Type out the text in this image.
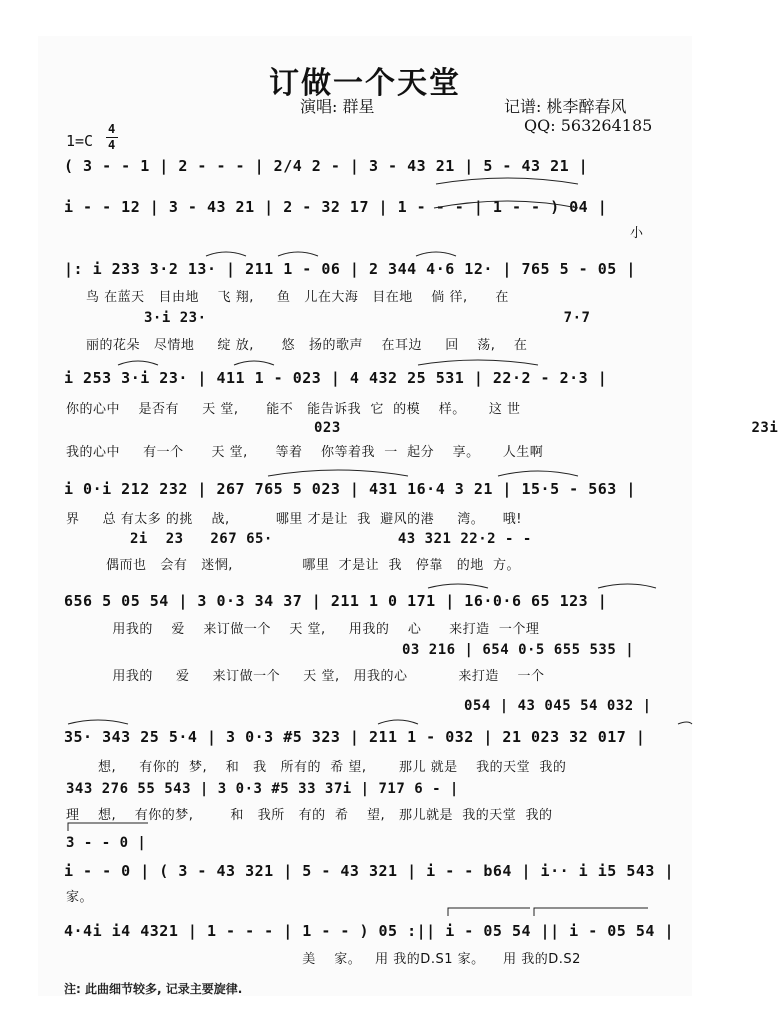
订做一个天堂
演唱: 群星	记谱: 桃李醉春风
QQ: 563264185
1=C
4
4
( 3 - - 1 | 2 - - - | 2/4 2 - | 3 - 43 21 | 5 - 43 21 |
i - - 12 | 3 - 43 21 | 2 - 32 17 | 1 - - - | 1 - - ) 04 |
小
|: i 233 3·2 13· | 211 1 - 06 | 2 344 4·6 12· | 765 5 - 05 |
鸟 在蓝天   目由地    飞 翔,     鱼   儿在大海   目在地    倘 徉,      在
3·i 23·                                        7·7
丽的花朵   尽情地     绽 放,      悠   扬的歌声    在耳边     回    荡,    在
i 253 3·i 23· | 411 1 - 023 | 4 432 25 531 | 22·2 - 2·3 |
你的心中    是否有     天 堂,      能不   能告诉我  它  的模    样。     这 世
023                                              23i
我的心中     有一个      天 堂,      等着    你等着我  一  起分    享。     人生啊
i 0·i 212 232 | 267 765 5 023 | 431 16·4 3 21 | 15·5 - 563 |
界     总 有太多 的挑    战,          哪里 才是让  我  避风的港     湾。    哦!
2i  23   267 65·              43 321 22·2 - -
偶而也   会有   迷惘,               哪里  才是让  我   停靠   的地  方。
656 5 05 54 | 3 0·3 34 37 | 211 1 0 171 | 16·0·6 65 123 |
用我的    爱    来订做一个    天 堂,     用我的    心      来打造  一个理
03 216 | 654 0·5 655 535 |
用我的     爱     来订做一个     天 堂,   用我的心           来打造    一个
054 | 43 045 54 032 |
35· 343 25 5·4 | 3 0·3 #5 323 | 211 1 - 032 | 21 023 32 017 |
想,     有你的  梦,    和   我   所有的  希 望,       那儿 就是    我的天堂  我的
343 276 55 543 | 3 0·3 #5 33 37i | 717 6 - |
理    想,    有你的梦,        和   我所   有的  希    望,   那儿就是  我的天堂  我的
3 - - 0 |
i - - 0 | ( 3 - 43 321 | 5 - 43 321 | i - - b64 | i·· i i5 543 |
家。
4·4i i4 4321 | 1 - - - | 1 - - ) 05 :|| i - 05 54 || i - 05 54 |
美    家。   用 我的D.S1 家。    用 我的D.S2
注: 此曲细节较多, 记录主要旋律.
